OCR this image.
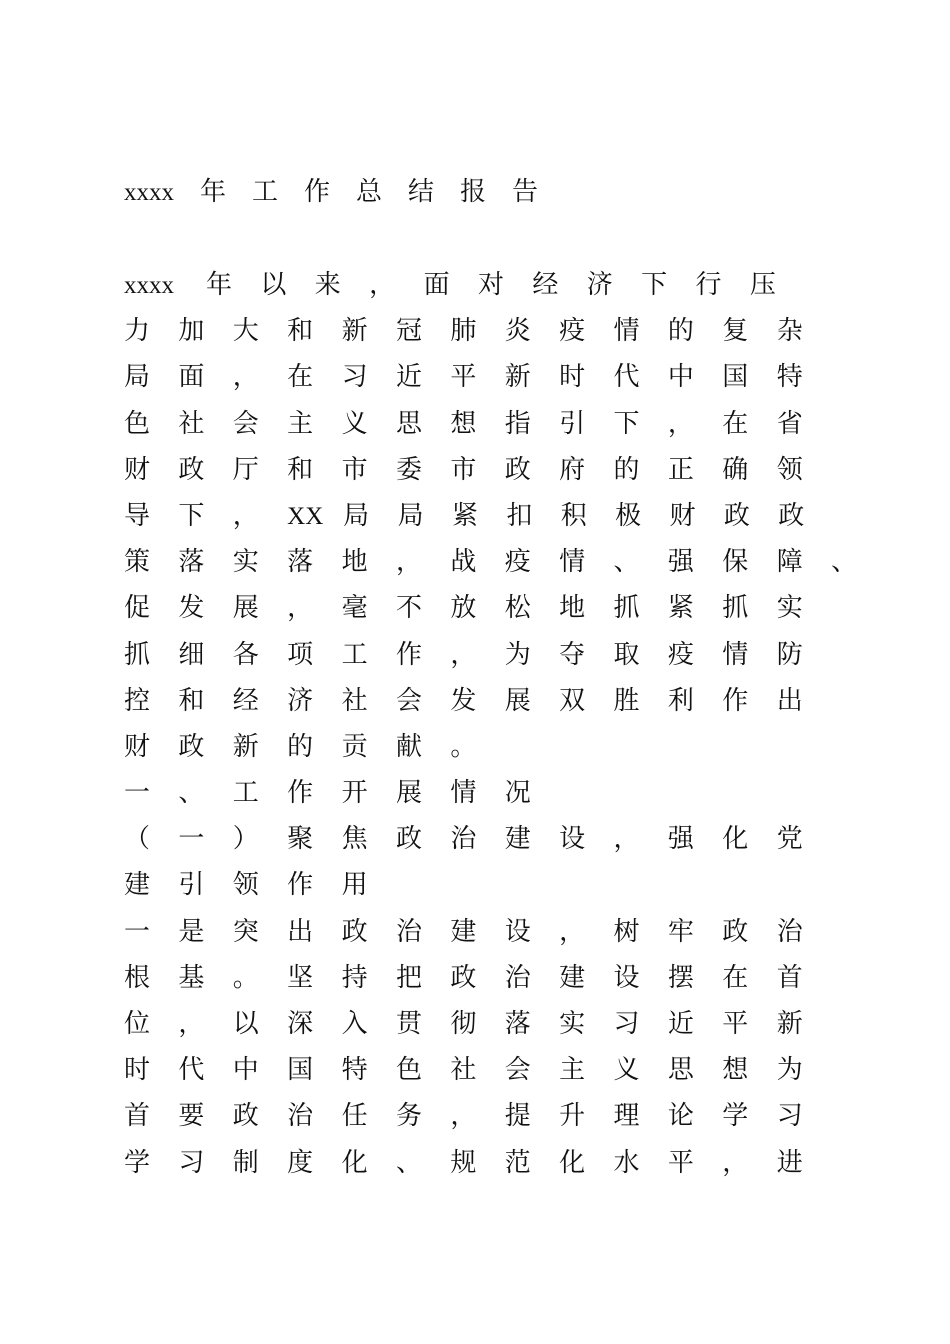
xxxx 年 工 作 总 结 报 告
xxxx 年 以 来 ， 面 对 经 济 下 行 压
力 加 大 和 新 冠 肺 炎 疫 情 的 复 杂
局 面 ， 在 习 近 平 新 时 代 中 国 特
色 社 会 主 义 思 想 指 引 下 ， 在 省
财 政 厅 和 市 委 市 政 府 的 正 确 领
导 下 ， XX 局 局 紧 扣 积 极 财 政 政
策 落 实 落 地 ， 战 疫 情 、 强 保 障 、
促 发 展 ， 毫 不 放 松 地 抓 紧 抓 实
抓 细 各 项 工 作 ， 为 夺 取 疫 情 防
控 和 经 济 社 会 发 展 双 胜 利 作 出
财 政 新 的 贡 献 。
一 、 工 作 开 展 情 况
（ 一 ） 聚 焦 政 治 建 设 ， 强 化 党
建 引 领 作 用
一 是 突 出 政 治 建 设 ， 树 牢 政 治
根 基 。 坚 持 把 政 治 建 设 摆 在 首
位 ， 以 深 入 贯 彻 落 实 习 近 平 新
时 代 中 国 特 色 社 会 主 义 思 想 为
首 要 政 治 任 务 ， 提 升 理 论 学 习
学 习 制 度 化 、 规 范 化 水 平 ， 进
